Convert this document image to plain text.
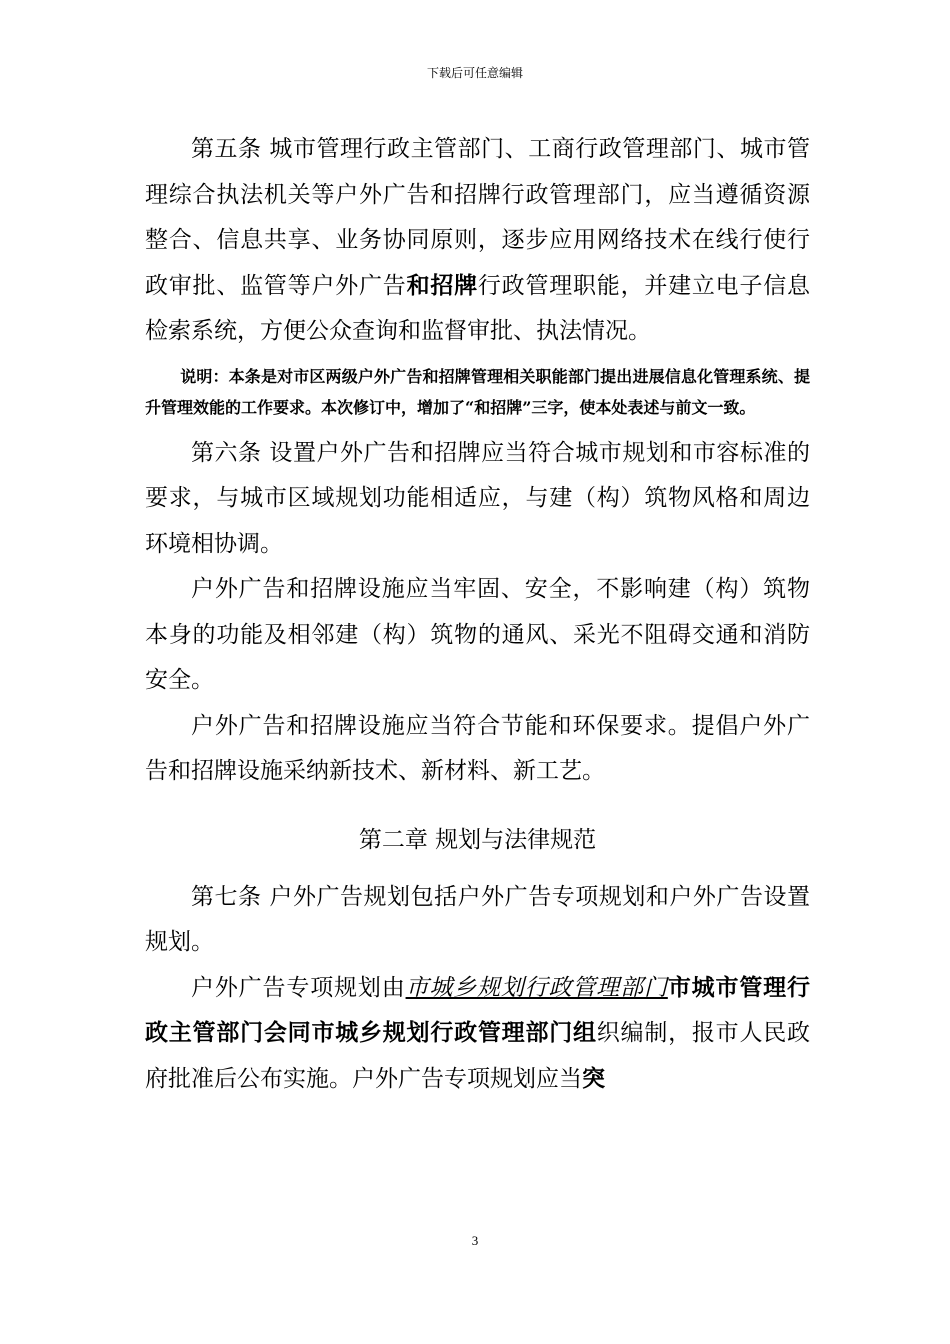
下载后可任意编辑

第五条 城市管理行政主管部门、工商行政管理部门、城市管理综合执法机关等户外广告和招牌行政管理部门，应当遵循资源整合、信息共享、业务协同原则，逐步应用网络技术在线行使行政审批、监管等户外广告和招牌行政管理职能，并建立电子信息检索系统，方便公众查询和监督审批、执法情况。

说明：本条是对市区两级户外广告和招牌管理相关职能部门提出进展信息化管理系统、提升管理效能的工作要求。本次修订中，增加了“和招牌”三字，使本处表述与前文一致。

第六条 设置户外广告和招牌应当符合城市规划和市容标准的要求，与城市区域规划功能相适应，与建（构）筑物风格和周边环境相协调。

户外广告和招牌设施应当牢固、安全，不影响建（构）筑物本身的功能及相邻建（构）筑物的通风、采光不阻碍交通和消防安全。

户外广告和招牌设施应当符合节能和环保要求。提倡户外广告和招牌设施采纳新技术、新材料、新工艺。

第二章 规划与法律规范

第七条 户外广告规划包括户外广告专项规划和户外广告设置规划。

户外广告专项规划由市城乡规划行政管理部门市城市管理行政主管部门会同市城乡规划行政管理部门组织编制，报市人民政府批准后公布实施。户外广告专项规划应当突

3
